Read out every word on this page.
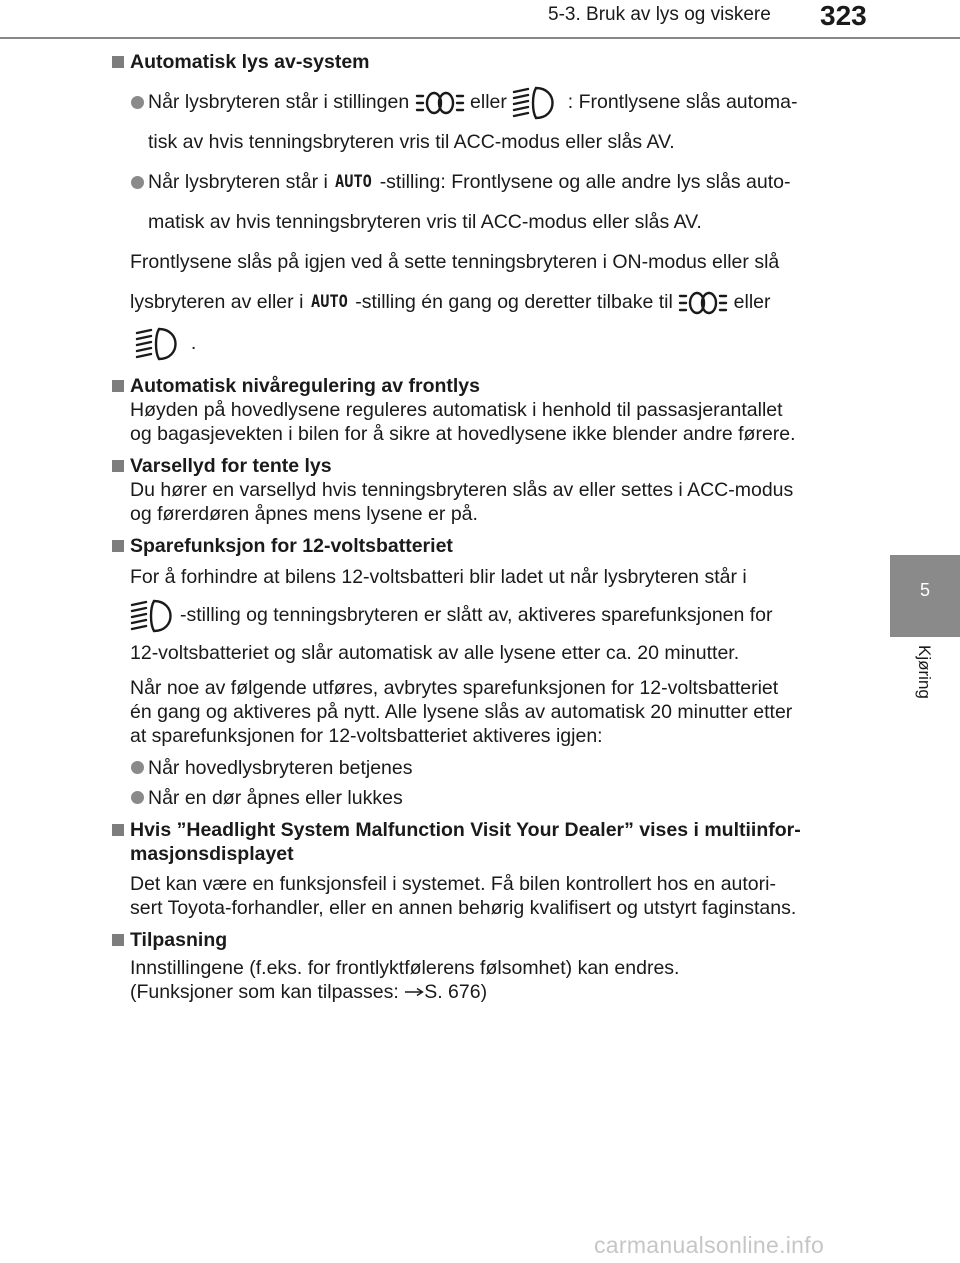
5-3. Bruk av lys og viskere 323
5
Kjøring
Automatisk lys av-system
Når lysbryteren står i stillingen	eller	: Frontlysene slås automa-
tisk av hvis tenningsbryteren vris til ACC-modus eller slås AV.
Når lysbryteren står i AUTO -stilling: Frontlysene og alle andre lys slås auto-
matisk av hvis tenningsbryteren vris til ACC-modus eller slås AV.
Frontlysene slås på igjen ved å sette tenningsbryteren i ON-modus eller slå
lysbryteren av eller i AUTO -stilling én gang og deretter tilbake til	eller
.
Automatisk nivåregulering av frontlys
Høyden på hovedlysene reguleres automatisk i henhold til passasjerantallet
og bagasjevekten i bilen for å sikre at hovedlysene ikke blender andre førere.
Varsellyd for tente lys
Du hører en varsellyd hvis tenningsbryteren slås av eller settes i ACC-modus
og førerdøren åpnes mens lysene er på.
Sparefunksjon for 12-voltsbatteriet
For å forhindre at bilens 12-voltsbatteri blir ladet ut når lysbryteren står i
-stilling og tenningsbryteren er slått av, aktiveres sparefunksjonen for
12-voltsbatteriet og slår automatisk av alle lysene etter ca. 20 minutter.
Når noe av følgende utføres, avbrytes sparefunksjonen for 12-voltsbatteriet
én gang og aktiveres på nytt. Alle lysene slås av automatisk 20 minutter etter
at sparefunksjonen for 12-voltsbatteriet aktiveres igjen:
Når hovedlysbryteren betjenes
Når en dør åpnes eller lukkes
Hvis ”Headlight System Malfunction Visit Your Dealer” vises i multiinfor-
masjonsdisplayet
Det kan være en funksjonsfeil i systemet. Få bilen kontrollert hos en autori-
sert Toyota-forhandler, eller en annen behørig kvalifisert og utstyrt faginstans.
Tilpasning
Innstillingene (f.eks. for frontlyktfølerens følsomhet) kan endres.
(Funksjoner som kan tilpasses: S. 676)
carmanualsonline.info
